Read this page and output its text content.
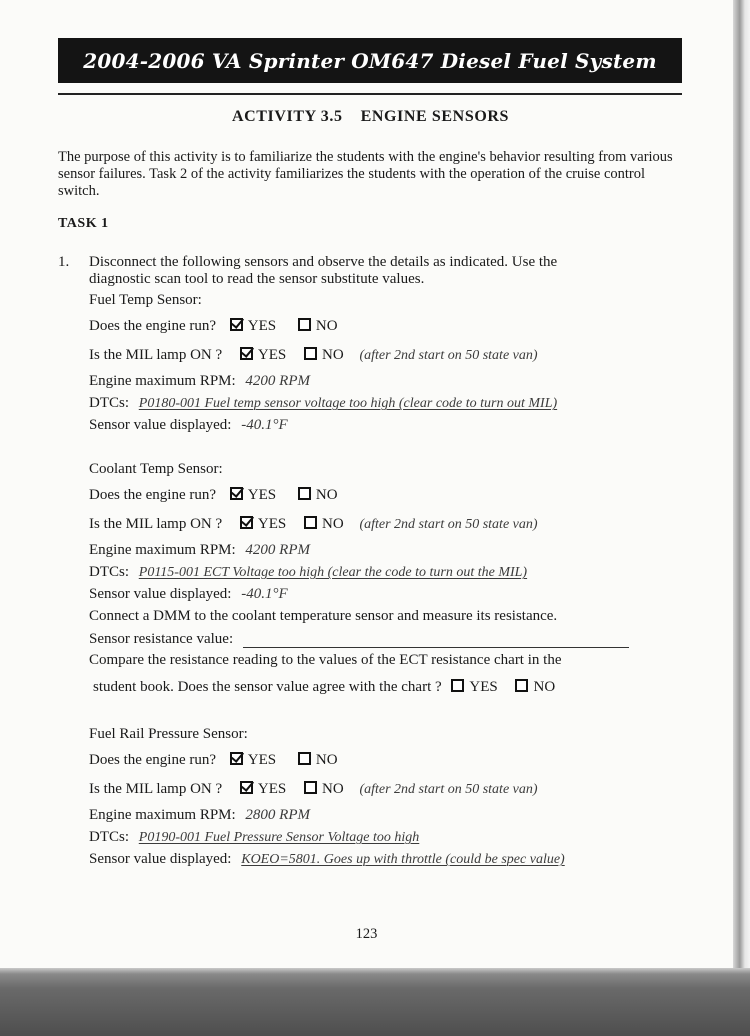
2004-2006 VA Sprinter OM647 Diesel Fuel System
ACTIVITY 3.5 ENGINE SENSORS

The purpose of this activity is to familiarize the students with the engine's behavior resulting from various sensor failures. Task 2 of the activity familiarizes the students with the operation of the cruise control switch.

TASK 1
1. Disconnect the following sensors and observe the details as indicated. Use the
diagnostic scan tool to read the sensor substitute values.
Fuel Temp Sensor:
Does the engine run? YES	NO
Is the MIL lamp ON ? YES NO (after 2nd start on 50 state van)
Engine maximum RPM: 4200 RPM
DTCs: P0180-001 Fuel temp sensor voltage too high (clear code to turn out MIL)
Sensor value displayed: -40.1°F
Coolant Temp Sensor:
Does the engine run? YES	NO
Is the MIL lamp ON ? YES NO (after 2nd start on 50 state van)
Engine maximum RPM: 4200 RPM
DTCs: P0115-001 ECT Voltage too high (clear the code to turn out the MIL)
Sensor value displayed: -40.1°F
Connect a DMM to the coolant temperature sensor and measure its resistance.
Sensor resistance value:
Compare the resistance reading to the values of the ECT resistance chart in the
student book. Does the sensor value agree with the chart ? YES NO
Fuel Rail Pressure Sensor:
Does the engine run? YES	NO
Is the MIL lamp ON ? YES NO (after 2nd start on 50 state van)
Engine maximum RPM: 2800 RPM
DTCs: P0190-001 Fuel Pressure Sensor Voltage too high
Sensor value displayed: KOEO=5801. Goes up with throttle (could be spec value)
123
